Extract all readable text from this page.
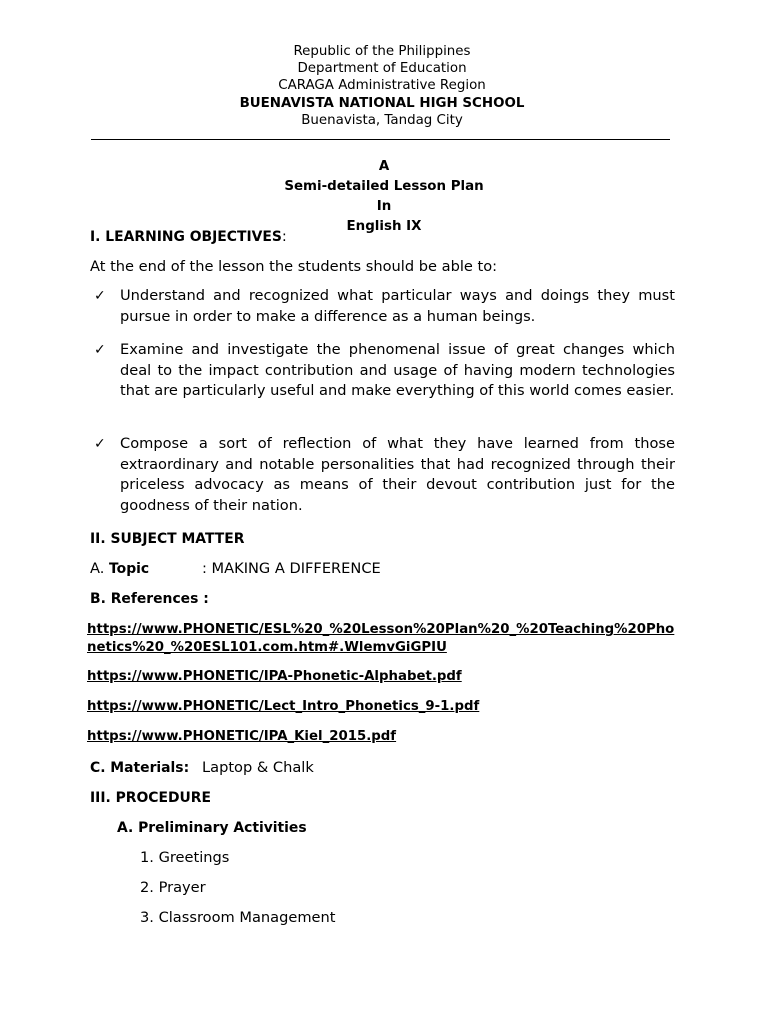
Republic of the Philippines
Department of Education
CARAGA Administrative Region
BUENAVISTA NATIONAL HIGH SCHOOL
Buenavista, Tandag City
A
Semi-detailed Lesson Plan
In
English IX
I. LEARNING OBJECTIVES:
At the end of the lesson the students should be able to:
✓ Understand and recognized what particular ways and doings they must pursue in order to make a difference as a human beings.
✓ Examine and investigate the phenomenal issue of great changes which deal to the impact contribution and usage of having modern technologies that are particularly useful and make everything of this world comes easier.
✓ Compose a sort of reflection of what they have learned from those extraordinary and notable personalities that had recognized through their priceless advocacy as means of their devout contribution just for the goodness of their nation.
II. SUBJECT MATTER
A. Topic	: MAKING A DIFFERENCE
B. References :
https://www.PHONETIC/ESL%20_%20Lesson%20Plan%20_%20Teaching%20Phonetics%20_%20ESL101.com.htm#.WlemvGiGPIU
https://www.PHONETIC/IPA-Phonetic-Alphabet.pdf
https://www.PHONETIC/Lect_Intro_Phonetics_9-1.pdf
https://www.PHONETIC/IPA_Kiel_2015.pdf
C. Materials: Laptop & Chalk
III. PROCEDURE
A. Preliminary Activities
1. Greetings
2. Prayer
3. Classroom Management
